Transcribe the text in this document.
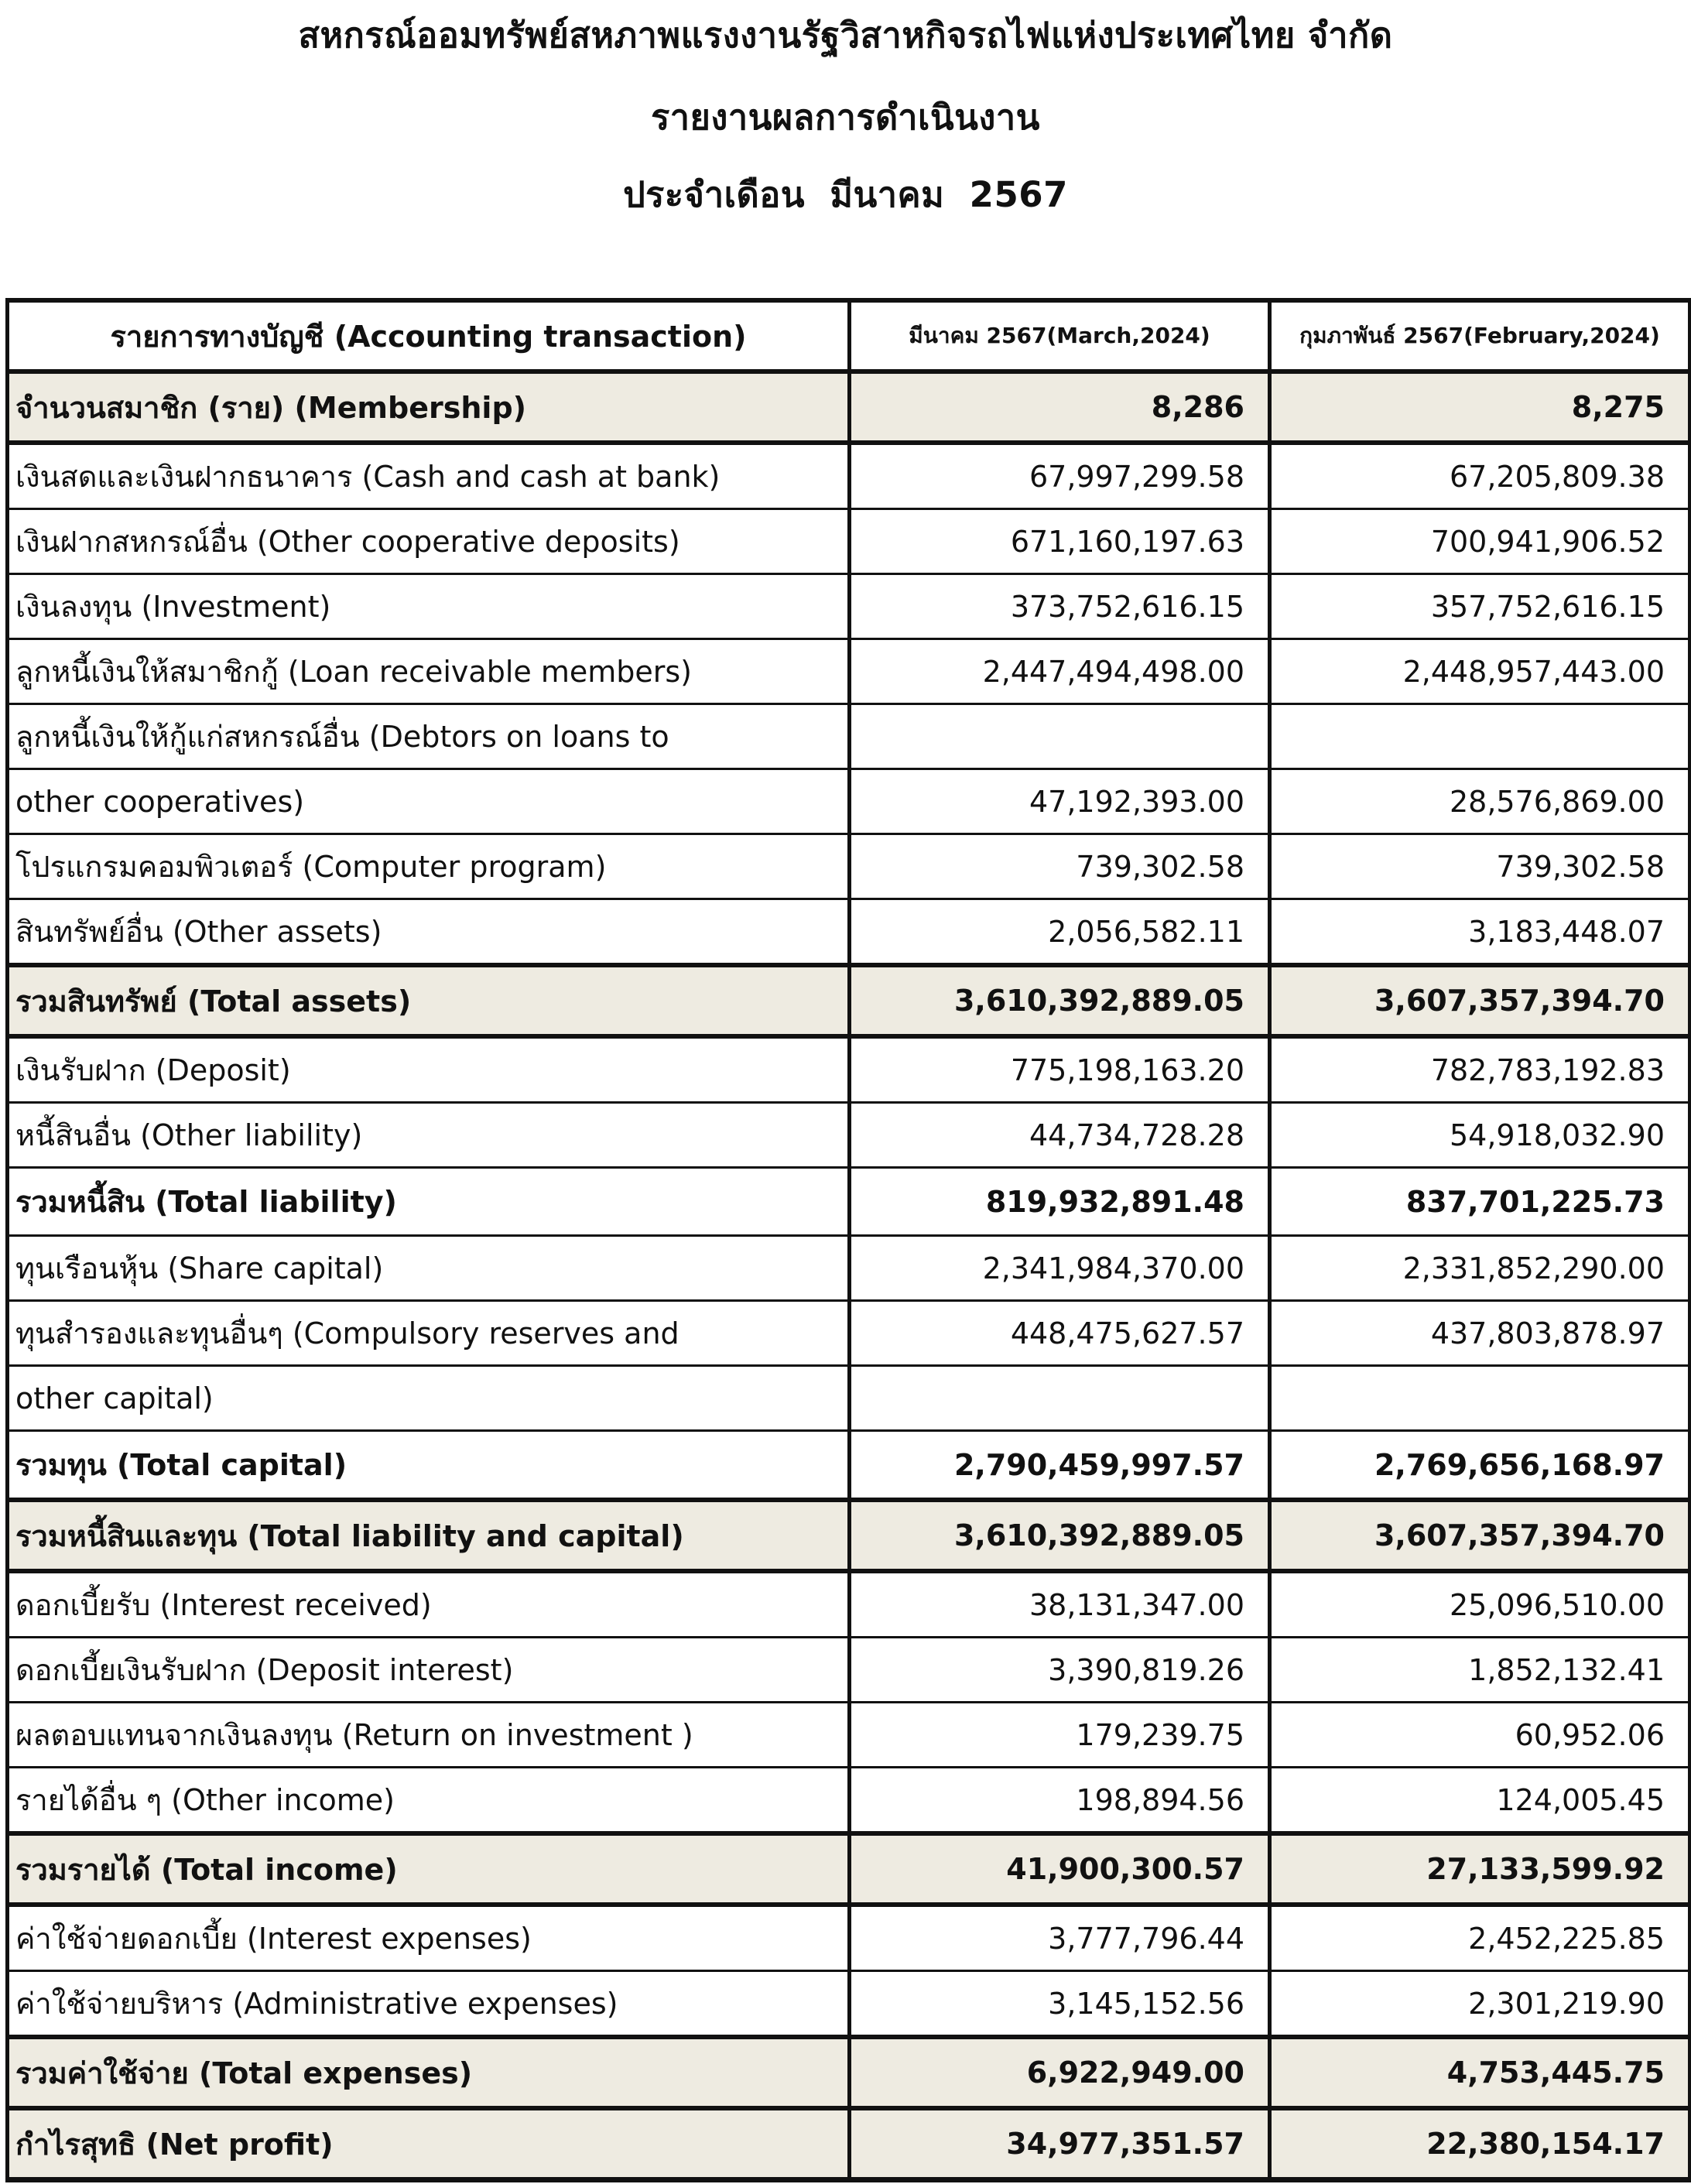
สหกรณ์ออมทรัพย์สหภาพแรงงานรัฐวิสาหกิจรถไฟแห่งประเทศไทย จำกัด
รายงานผลการดำเนินงาน
ประจำเดือน  มีนาคม  2567
รายการทางบัญชี (Accounting transaction)	มีนาคม 2567(March,2024)	กุมภาพันธ์ 2567(February,2024)
จำนวนสมาชิก (ราย) (Membership)	8,286	8,275
เงินสดและเงินฝากธนาคาร (Cash and cash at bank)	67,997,299.58	67,205,809.38
เงินฝากสหกรณ์อื่น (Other cooperative deposits)	671,160,197.63	700,941,906.52
เงินลงทุน (Investment)	373,752,616.15	357,752,616.15
ลูกหนี้เงินให้สมาชิกกู้ (Loan receivable members)	2,447,494,498.00	2,448,957,443.00
ลูกหนี้เงินให้กู้แก่สหกรณ์อื่น (Debtors on loans to		
other cooperatives)	47,192,393.00	28,576,869.00
โปรแกรมคอมพิวเตอร์ (Computer program)	739,302.58	739,302.58
สินทรัพย์อื่น (Other assets)	2,056,582.11	3,183,448.07
รวมสินทรัพย์ (Total assets)	3,610,392,889.05	3,607,357,394.70
เงินรับฝาก (Deposit)	775,198,163.20	782,783,192.83
หนี้สินอื่น (Other liability)	44,734,728.28	54,918,032.90
รวมหนี้สิน (Total liability)	819,932,891.48	837,701,225.73
ทุนเรือนหุ้น (Share capital)	2,341,984,370.00	2,331,852,290.00
ทุนสำรองและทุนอื่นๆ (Compulsory reserves and	448,475,627.57	437,803,878.97
other capital)		
รวมทุน (Total capital)	2,790,459,997.57	2,769,656,168.97
รวมหนี้สินและทุน (Total liability and capital)	3,610,392,889.05	3,607,357,394.70
ดอกเบี้ยรับ (Interest received)	38,131,347.00	25,096,510.00
ดอกเบี้ยเงินรับฝาก (Deposit interest)	3,390,819.26	1,852,132.41
ผลตอบแทนจากเงินลงทุน (Return on investment )	179,239.75	60,952.06
รายได้อื่น ๆ (Other income)	198,894.56	124,005.45
รวมรายได้ (Total income)	41,900,300.57	27,133,599.92
ค่าใช้จ่ายดอกเบี้ย (Interest expenses)	3,777,796.44	2,452,225.85
ค่าใช้จ่ายบริหาร (Administrative expenses)	3,145,152.56	2,301,219.90
รวมค่าใช้จ่าย (Total expenses)	6,922,949.00	4,753,445.75
กำไรสุทธิ (Net profit)	34,977,351.57	22,380,154.17
